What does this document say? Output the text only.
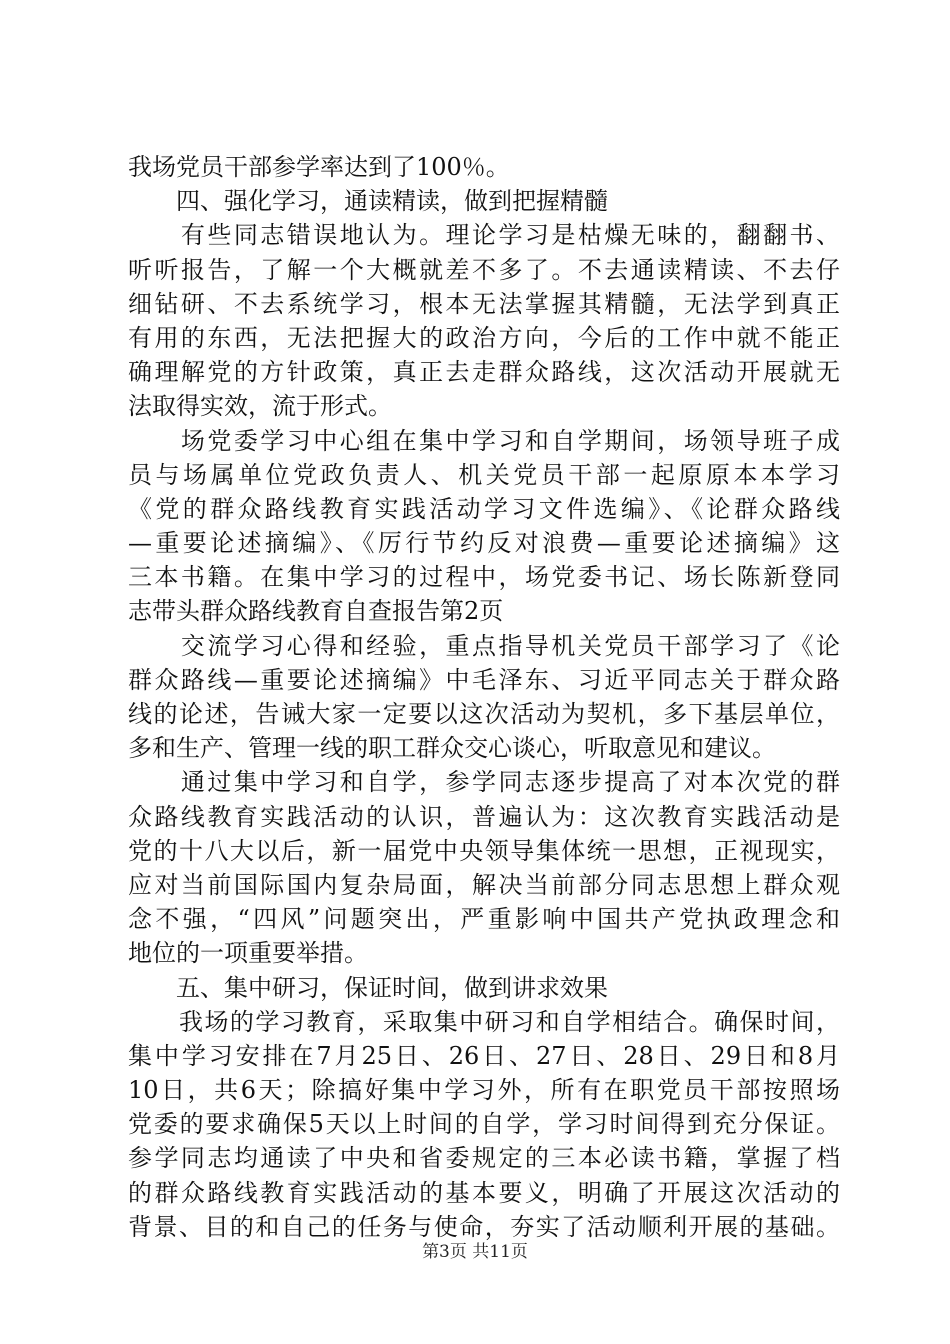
我场党员干部参学率达到了100％。
　　四、强化学习，通读精读，做到把握精髓
　　有些同志错误地认为。理论学习是枯燥无味的，翻翻书、
听听报告，了解一个大概就差不多了。不去通读精读、不去仔
细钻研、不去系统学习，根本无法掌握其精髓，无法学到真正
有用的东西，无法把握大的政治方向，今后的工作中就不能正
确理解党的方针政策，真正去走群众路线，这次活动开展就无
法取得实效，流于形式。
　　场党委学习中心组在集中学习和自学期间，场领导班子成
员与场属单位党政负责人、机关党员干部一起原原本本学习
《党的群众路线教育实践活动学习文件选编》、《论群众路线
—重要论述摘编》、《厉行节约反对浪费—重要论述摘编》这
三本书籍。在集中学习的过程中，场党委书记、场长陈新登同
志带头群众路线教育自查报告第2页
　　交流学习心得和经验，重点指导机关党员干部学习了《论
群众路线—重要论述摘编》中毛泽东、习近平同志关于群众路
线的论述，告诫大家一定要以这次活动为契机，多下基层单位，
多和生产、管理一线的职工群众交心谈心，听取意见和建议。
　　通过集中学习和自学，参学同志逐步提高了对本次党的群
众路线教育实践活动的认识，普遍认为：这次教育实践活动是
党的十八大以后，新一届党中央领导集体统一思想，正视现实，
应对当前国际国内复杂局面，解决当前部分同志思想上群众观
念不强，“四风”问题突出，严重影响中国共产党执政理念和
地位的一项重要举措。
　　五、集中研习，保证时间，做到讲求效果
　　我场的学习教育，采取集中研习和自学相结合。确保时间，
集中学习安排在7月25日、26日、27日、28日、29日和8月
10日，共6天；除搞好集中学习外，所有在职党员干部按照场
党委的要求确保5天以上时间的自学，学习时间得到充分保证。
参学同志均通读了中央和省委规定的三本必读书籍，掌握了档
的群众路线教育实践活动的基本要义，明确了开展这次活动的
背景、目的和自己的任务与使命，夯实了活动顺利开展的基础。
第3页 共11页
